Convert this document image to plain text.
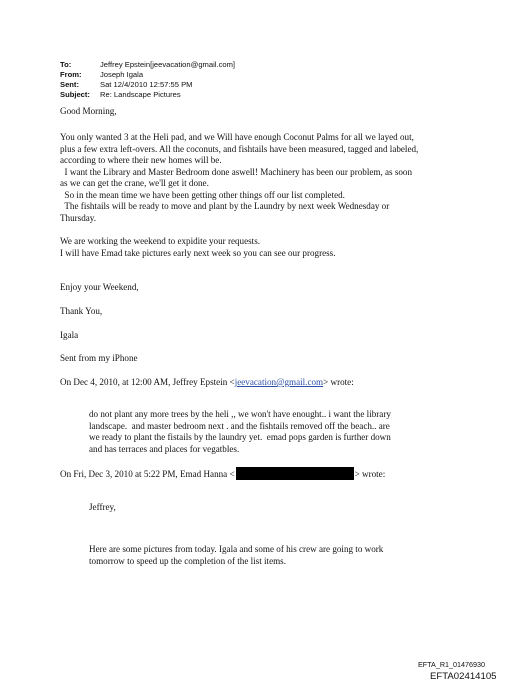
To:	Jeffrey Epstein[jeevacation@gmail.com]
From:	Joseph Igala
Sent:	Sat 12/4/2010 12:57:55 PM
Subject:	Re: Landscape Pictures
Good Morning,

You only wanted 3 at the Heli pad, and we Will have enough Coconut Palms for all we layed out,

plus a few extra left-overs. All the coconuts, and fishtails have been measured, tagged and labeled,

according to where their new homes will be.

I want the Library and Master Bedroom done aswell! Machinery has been our problem, as soon

as we can get the crane, we'll get it done.

So in the mean time we have been getting other things off our list completed.

The fishtails will be ready to move and plant by the Laundry by next week Wednesday or

Thursday.

We are working the weekend to expidite your requests.

I will have Emad take pictures early next week so you can see our progress.

Enjoy your Weekend,
Thank You,
Igala
Sent from my iPhone
On Dec 4, 2010, at 12:00 AM, Jeffrey Epstein <jeevacation@gmail.com> wrote:

do not plant any more trees by the heli ,, we won't have enought.. i want the library

landscape.  and master bedroom next . and the fishtails removed off the beach.. are

we ready to plant the fistails by the laundry yet.  emad pops garden is further down

and has terraces and places for vegatbles.

On Fri, Dec 3, 2010 at 5:22 PM, Emad Hanna <	> wrote:
Jeffrey,

Here are some pictures from today. Igala and some of his crew are going to work

tomorrow to speed up the completion of the list items.

EFTA_R1_01476930
EFTA02414105
